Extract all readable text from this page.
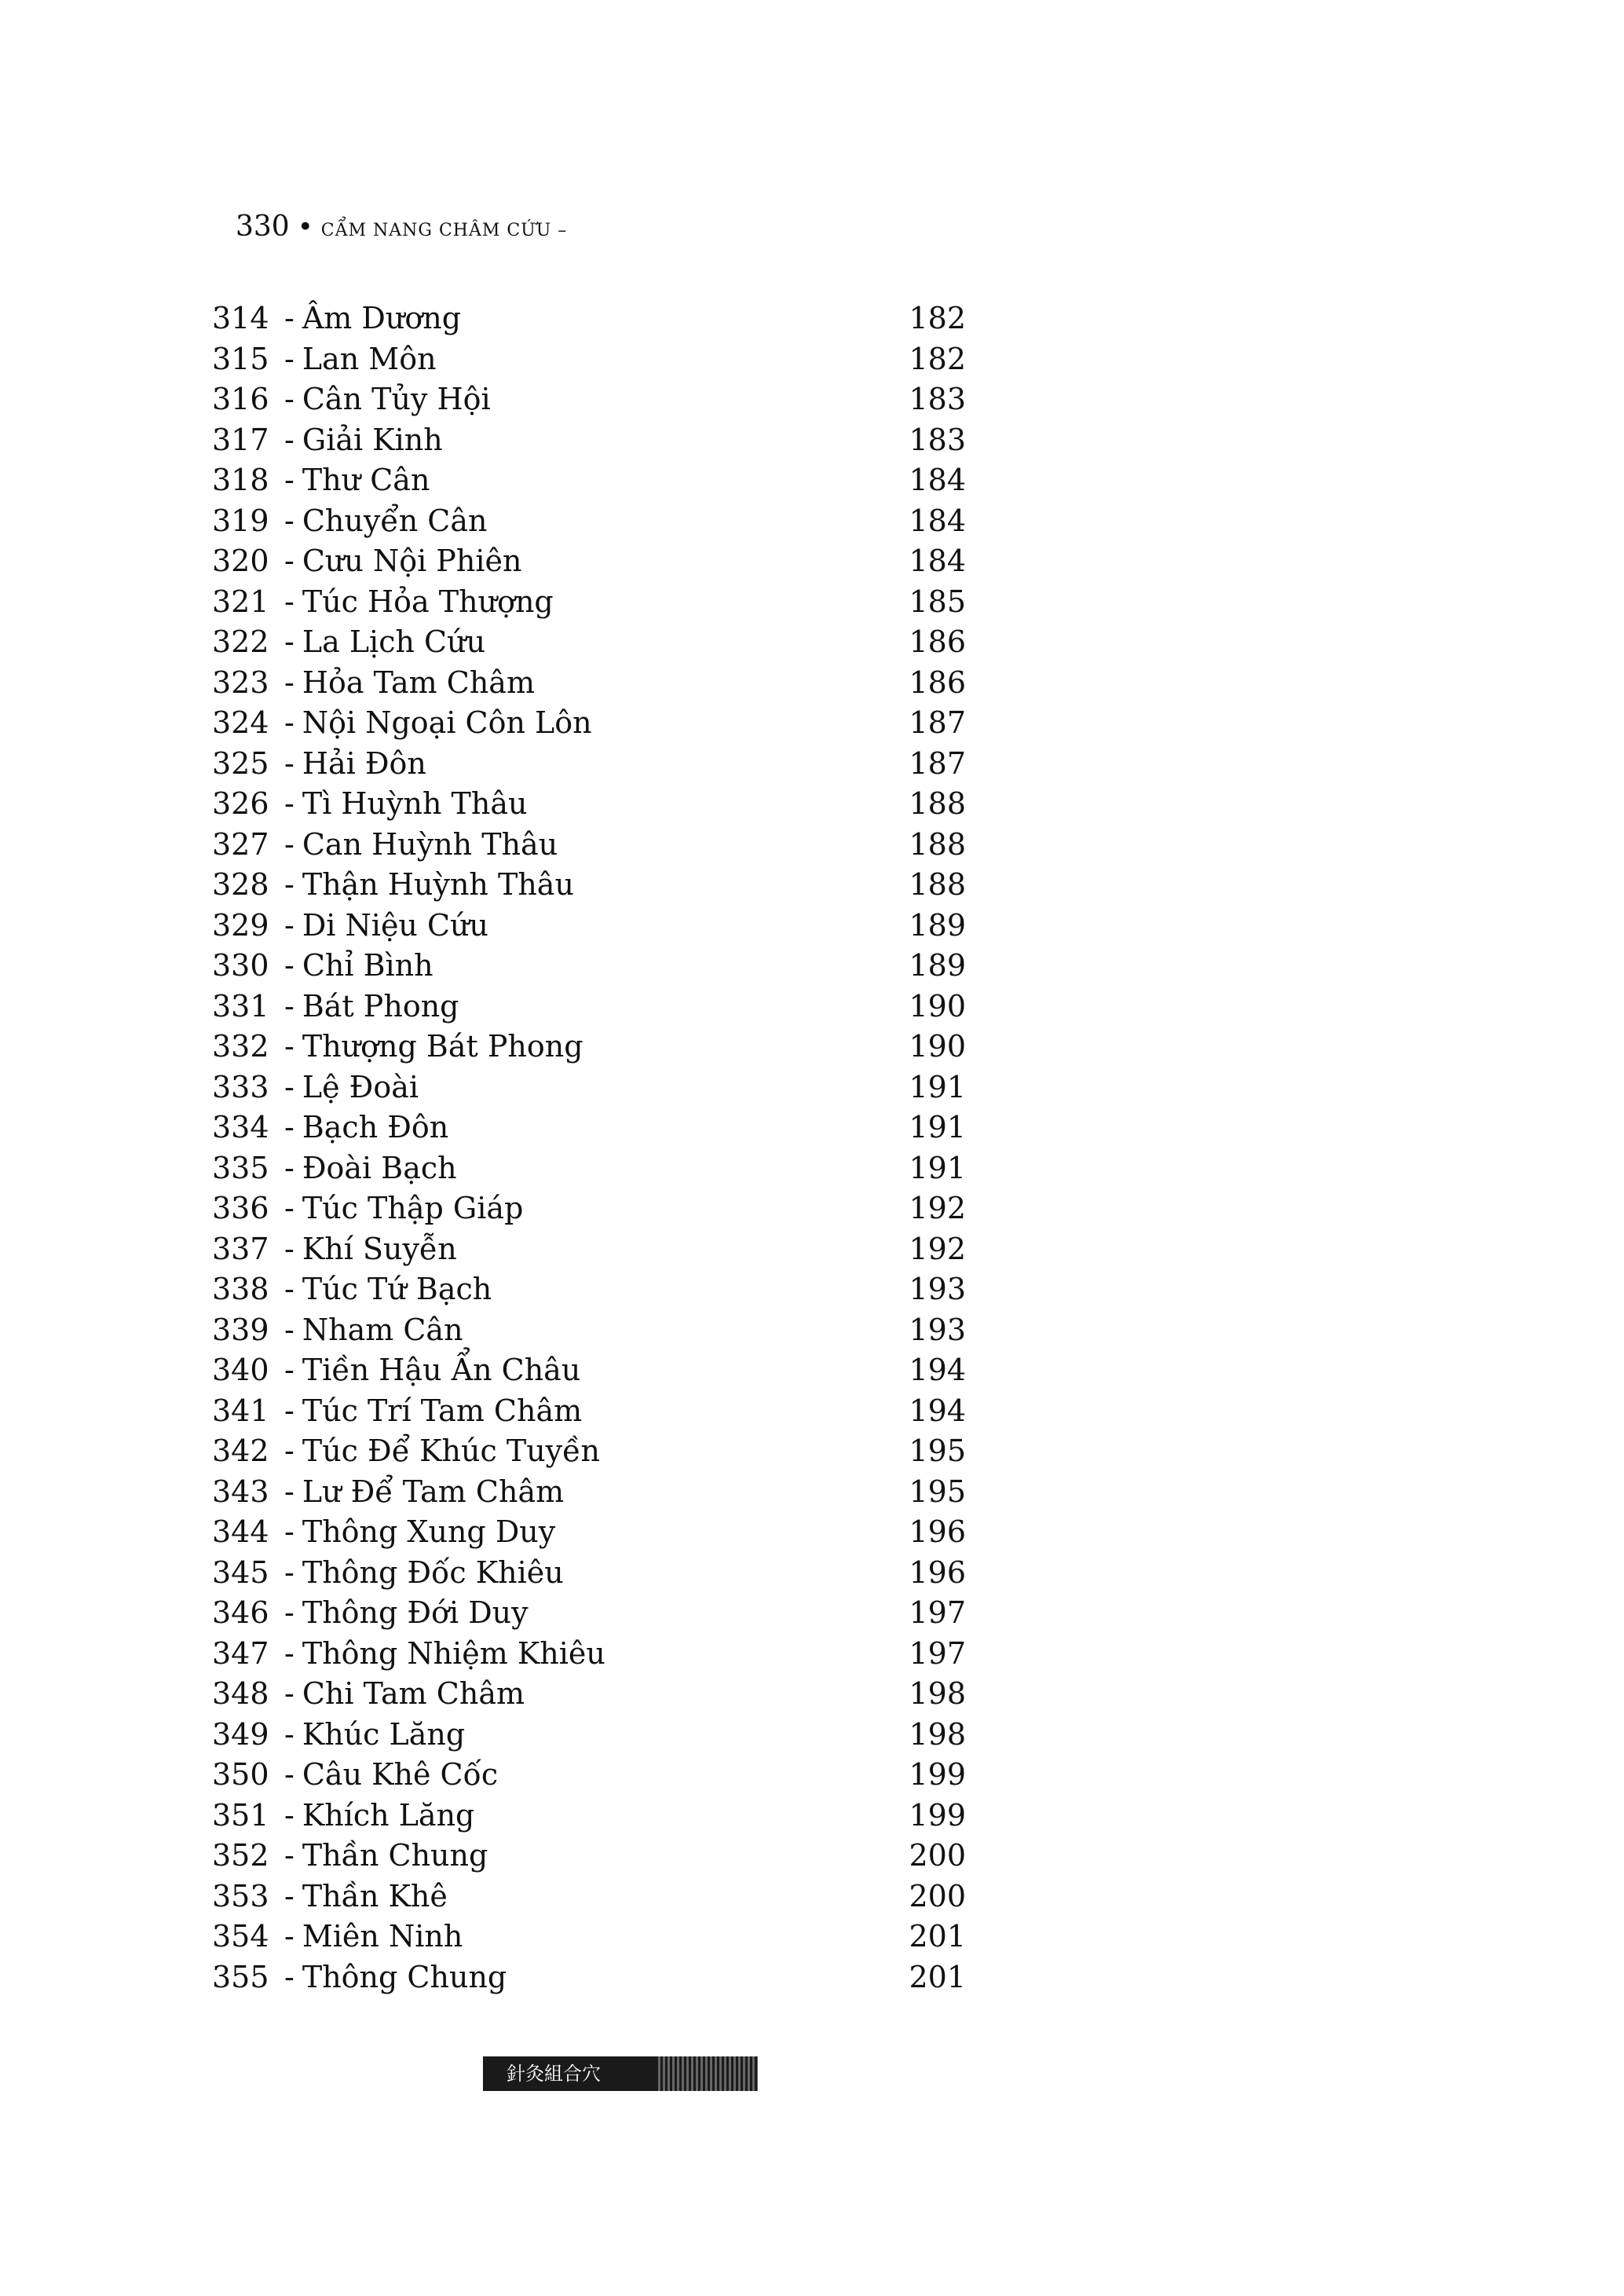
330 • CẨM NANG CHÂM CỨU –
314 - Âm Dương	182
315 - Lan Môn	182
316 - Cân Tủy Hội	183
317 - Giải Kinh	183
318 - Thư Cân	184
319 - Chuyển Cân	184
320 - Cưu Nội Phiên	184
321 - Túc Hỏa Thượng	185
322 - La Lịch Cứu	186
323 - Hỏa Tam Châm	186
324 - Nội Ngoại Côn Lôn	187
325 - Hải Đôn	187
326 - Tì Huỳnh Thâu	188
327 - Can Huỳnh Thâu	188
328 - Thận Huỳnh Thâu	188
329 - Di Niệu Cứu	189
330 - Chỉ Bình	189
331 - Bát Phong	190
332 - Thượng Bát Phong	190
333 - Lệ Đoài	191
334 - Bạch Đôn	191
335 - Đoài Bạch	191
336 - Túc Thập Giáp	192
337 - Khí Suyễn	192
338 - Túc Tứ Bạch	193
339 - Nham Cân	193
340 - Tiền Hậu Ẩn Châu	194
341 - Túc Trí Tam Châm	194
342 - Túc Để Khúc Tuyền	195
343 - Lư Để Tam Châm	195
344 - Thông Xung Duy	196
345 - Thông Đốc Khiêu	196
346 - Thông Đới Duy	197
347 - Thông Nhiệm Khiêu	197
348 - Chi Tam Châm	198
349 - Khúc Lăng	198
350 - Câu Khê Cốc	199
351 - Khích Lăng	199
352 - Thần Chung	200
353 - Thần Khê	200
354 - Miên Ninh	201
355 - Thông Chung	201
針灸組合穴
